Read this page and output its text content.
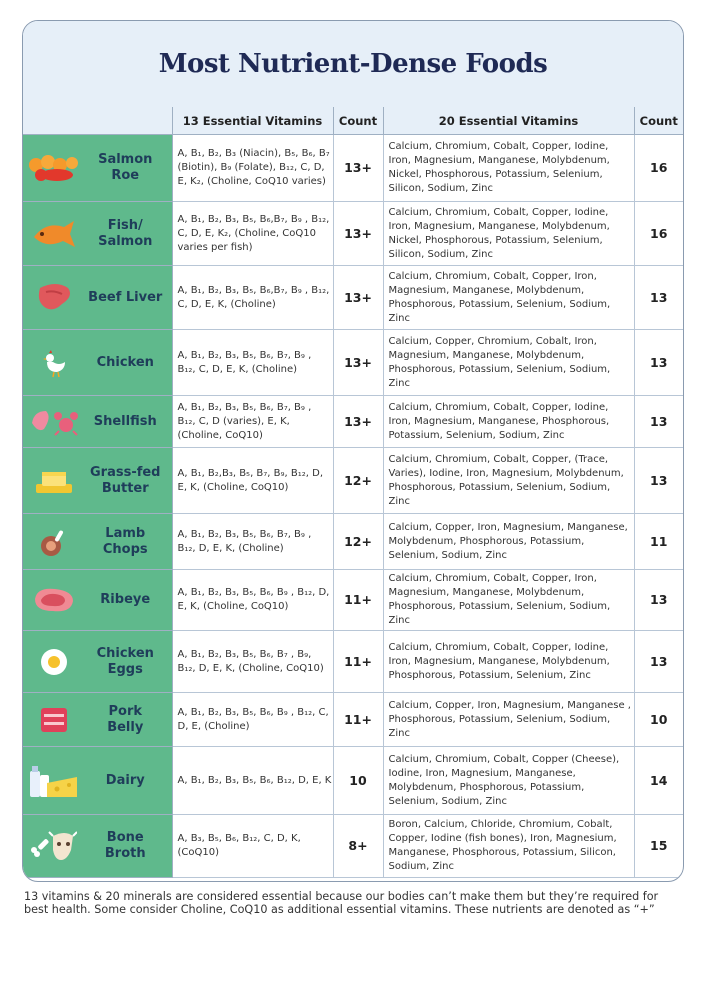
Most Nutrient-Dense Foods
	13 Essential Vitamins	Count	20 Essential Vitamins	Count

Salmon
Roe	A, B₁, B₂, B₃ (Niacin), B₅, B₆, B₇ (Biotin), B₉ (Folate), B₁₂, C, D, E, K₂, (Choline, CoQ10 varies)	13+	Calcium, Chromium, Cobalt, Copper, Iodine, Iron, Magnesium, Manganese, Molybdenum, Nickel, Phosphorous, Potassium, Selenium, Silicon, Sodium, Zinc	16

Fish/
Salmon	A, B₁, B₂, B₃, B₅, B₆,B₇, B₉ , B₁₂, C, D, E, K₂, (Choline, CoQ10 varies per fish)	13+	Calcium, Chromium, Cobalt, Copper, Iodine, Iron, Magnesium, Manganese, Molybdenum, Nickel, Phosphorous, Potassium, Selenium, Silicon, Sodium, Zinc	16

Beef Liver	A, B₁, B₂, B₃, B₅, B₆,B₇, B₉ , B₁₂, C, D, E, K, (Choline)	13+	Calcium, Chromium, Cobalt, Copper, Iron, Magnesium, Manganese, Molybdenum, Phosphorous, Potassium, Selenium, Sodium, Zinc	13

Chicken	A, B₁, B₂, B₃, B₅, B₆, B₇, B₉ , B₁₂, C, D, E, K, (Choline)	13+	Calcium, Copper, Chromium, Cobalt, Iron, Magnesium, Manganese, Molybdenum, Phosphorous, Potassium, Selenium, Sodium, Zinc	13

Shellfish	A, B₁, B₂, B₃, B₅, B₆, B₇, B₉ , B₁₂, C, D (varies), E, K, (Choline, CoQ10)	13+	Calcium, Chromium, Cobalt, Copper, Iodine, Iron, Magnesium, Manganese, Phosphorous, Potassium, Selenium, Sodium, Zinc	13

Grass-fed
Butter	A, B₁, B₂,B₃, B₅, B₇, B₉, B₁₂, D, E, K, (Choline, CoQ10)	12+	Calcium, Chromium, Cobalt, Copper, (Trace, Varies), Iodine, Iron, Magnesium, Molybdenum, Phosphorous, Potassium, Selenium, Sodium, Zinc	13

Lamb
Chops	A, B₁, B₂, B₃, B₅, B₆, B₇, B₉ , B₁₂, D, E, K, (Choline)	12+	Calcium, Copper, Iron, Magnesium, Manganese, Molybdenum, Phosphorous, Potassium, Selenium, Sodium, Zinc	11

Ribeye	A, B₁, B₂, B₃, B₅, B₆, B₉ , B₁₂, D, E, K, (Choline, CoQ10)	11+	Calcium, Chromium, Cobalt, Copper, Iron, Magnesium, Manganese, Molybdenum, Phosphorous, Potassium, Selenium, Sodium, Zinc	13

Chicken
Eggs	A, B₁, B₂, B₃, B₅, B₆, B₇ , B₉, B₁₂, D, E, K, (Choline, CoQ10)	11+	Calcium, Chromium, Cobalt, Copper, Iodine, Iron, Magnesium, Manganese, Molybdenum, Phosphorous, Potassium, Selenium, Zinc	13

Pork
Belly	A, B₁, B₂, B₃, B₅, B₆, B₉ , B₁₂, C, D, E, (Choline)	11+	Calcium, Copper, Iron, Magnesium, Manganese , Phosphorous, Potassium, Selenium, Sodium, Zinc	10

Dairy	A, B₁, B₂, B₃, B₅, B₆, B₁₂, D, E, K	10	Calcium, Chromium, Cobalt, Copper (Cheese), Iodine, Iron, Magnesium, Manganese, Molybdenum, Phosphorous, Potassium, Selenium, Sodium, Zinc	14

Bone
Broth	A, B₃, B₅, B₆, B₁₂, C, D, K, (CoQ10)	8+	Boron, Calcium, Chloride, Chromium, Cobalt, Copper, Iodine (fish bones), Iron, Magnesium, Manganese, Phosphorous, Potassium, Silicon, Sodium, Zinc	15

13 vitamins & 20 minerals are considered essential because our bodies can’t make them but they’re required for best health. Some consider Choline, CoQ10 as additional essential vitamins. These nutrients are denoted as “+”
